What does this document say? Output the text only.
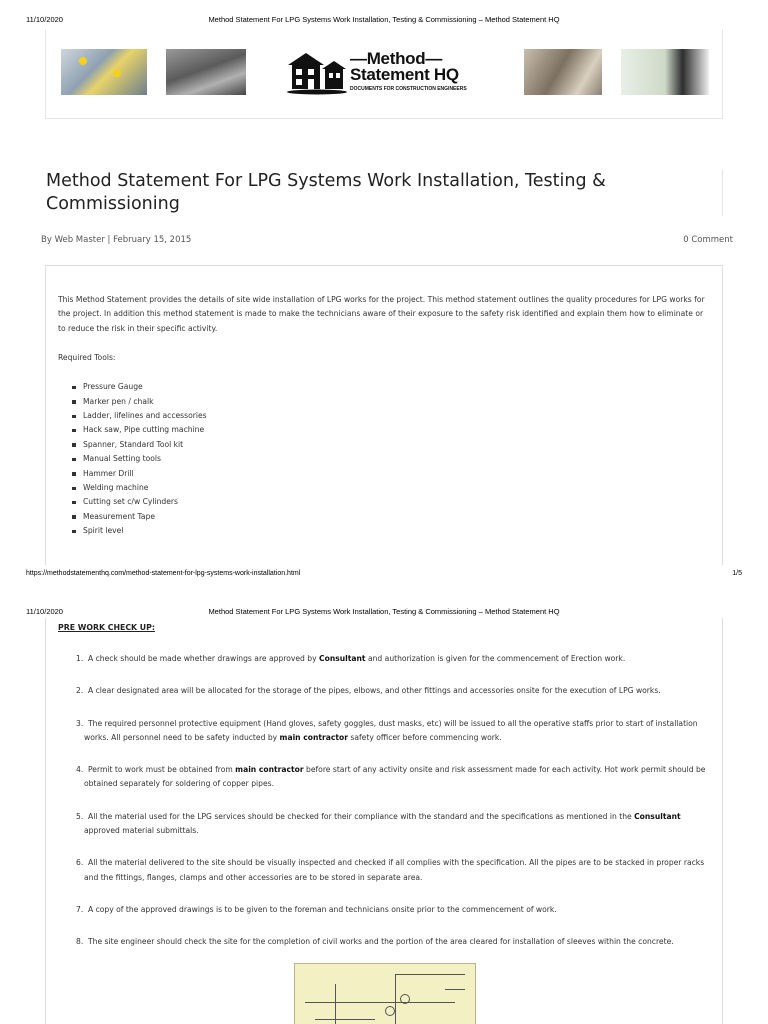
11/10/2020	Method Statement For LPG Systems Work Installation, Testing & Commissioning – Method Statement HQ
—Method—
Statement HQ
DOCUMENTS FOR CONSTRUCTION ENGINEERS
Method Statement For LPG Systems Work Installation, Testing & Commissioning
By Web Master | February 15, 2015	0 Comment

This Method Statement provides the details of site wide installation of LPG works for the project. This method statement outlines the quality procedures for LPG works for the project. In addition this method statement is made to make the technicians aware of their exposure to the safety risk identified and explain them how to eliminate or to reduce the risk in their specific activity.

Required Tools:

Pressure Gauge
Marker pen / chalk
Ladder, lifelines and accessories
Hack saw, Pipe cutting machine
Spanner, Standard Tool kit
Manual Setting tools
Hammer Drill
Welding machine
Cutting set c/w Cylinders
Measurement Tape
Spirit level
https://methodstatementhq.com/method-statement-for-lpg-systems-work-installation.html	1/5
11/10/2020	Method Statement For LPG Systems Work Installation, Testing & Commissioning – Method Statement HQ
PRE WORK CHECK UP:
1. A check should be made whether drawings are approved by Consultant and authorization is given for the commencement of Erection work.
2. A clear designated area will be allocated for the storage of the pipes, elbows, and other fittings and accessories onsite for the execution of LPG works.
3. The required personnel protective equipment (Hand gloves, safety goggles, dust masks, etc) will be issued to all the operative staffs prior to start of installation works. All personnel need to be safety inducted by main contractor safety officer before commencing work.
4. Permit to work must be obtained from main contractor before start of any activity onsite and risk assessment made for each activity. Hot work permit should be obtained separately for soldering of copper pipes.
5. All the material used for the LPG services should be checked for their compliance with the standard and the specifications as mentioned in the Consultant approved material submittals.
6. All the material delivered to the site should be visually inspected and checked if all complies with the specification. All the pipes are to be stacked in proper racks and the fittings, flanges, clamps and other accessories are to be stored in separate area.
7. A copy of the approved drawings is to be given to the foreman and technicians onsite prior to the commencement of work.
8. The site engineer should check the site for the completion of civil works and the portion of the area cleared for installation of sleeves within the concrete.
